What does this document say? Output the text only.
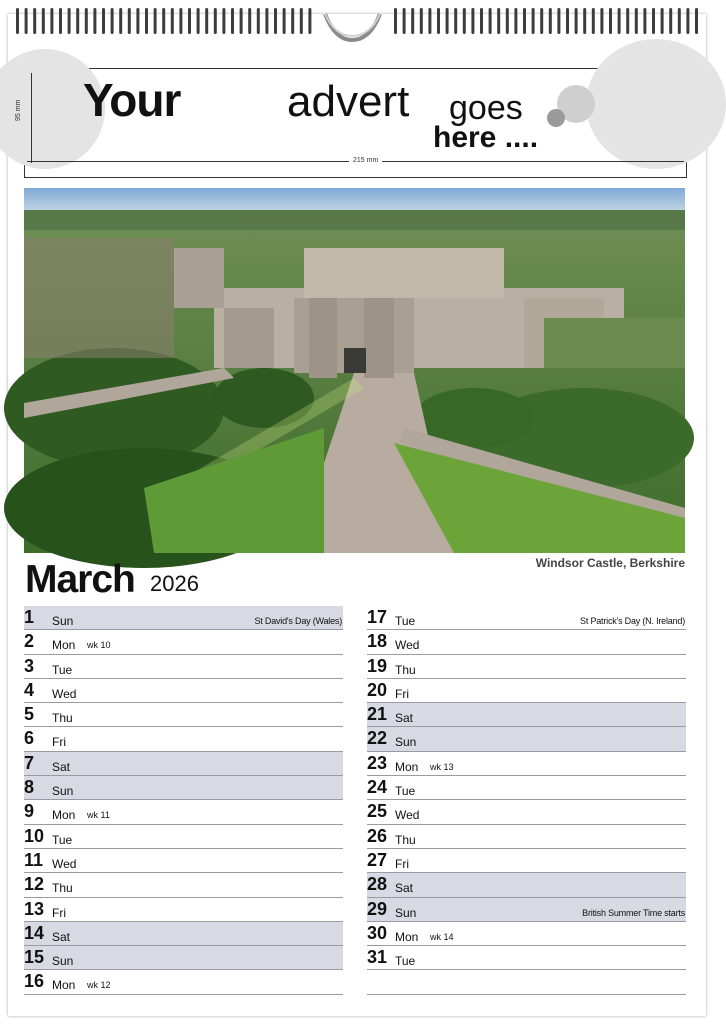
95 mm
215 mm
Your advert goes
here ....
Windsor Castle, Berkshire
March 2026
1 Sun	St David's Day (Wales)
2 Mon wk 10
3 Tue
4 Wed
5 Thu
6 Fri
7 Sat
8 Sun
9 Mon wk 11
10 Tue
11 Wed
12 Thu
13 Fri
14 Sat
15 Sun
16 Mon wk 12
17 Tue	St Patrick's Day (N. Ireland)
18 Wed
19 Thu
20 Fri
21 Sat
22 Sun
23 Mon wk 13
24 Tue
25 Wed
26 Thu
27 Fri
28 Sat
29 Sun	British Summer Time starts
30 Mon wk 14
31 Tue
